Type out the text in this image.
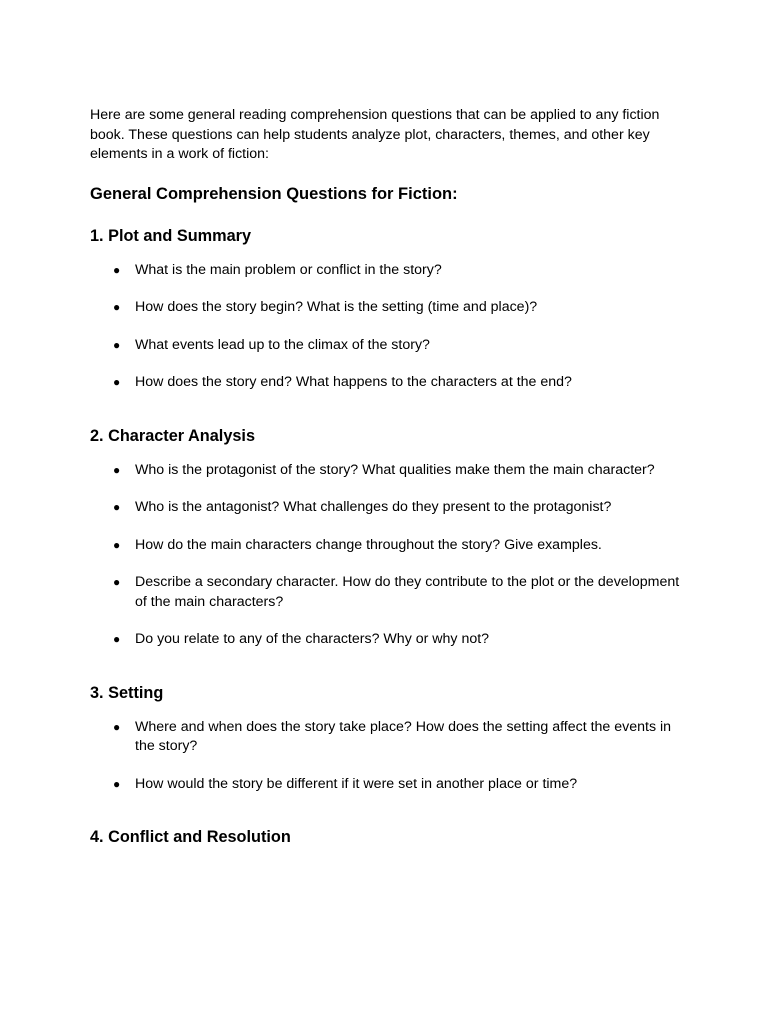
Here are some general reading comprehension questions that can be applied to any fiction book. These questions can help students analyze plot, characters, themes, and other key elements in a work of fiction:

General Comprehension Questions for Fiction:
1. Plot and Summary
● What is the main problem or conflict in the story?
● How does the story begin? What is the setting (time and place)?
● What events lead up to the climax of the story?
● How does the story end? What happens to the characters at the end?
2. Character Analysis
● Who is the protagonist of the story? What qualities make them the main character?
● Who is the antagonist? What challenges do they present to the protagonist?
● How do the main characters change throughout the story? Give examples.
● Describe a secondary character. How do they contribute to the plot or the development of the main characters?
● Do you relate to any of the characters? Why or why not?
3. Setting
● Where and when does the story take place? How does the setting affect the events in the story?
● How would the story be different if it were set in another place or time?
4. Conflict and Resolution
